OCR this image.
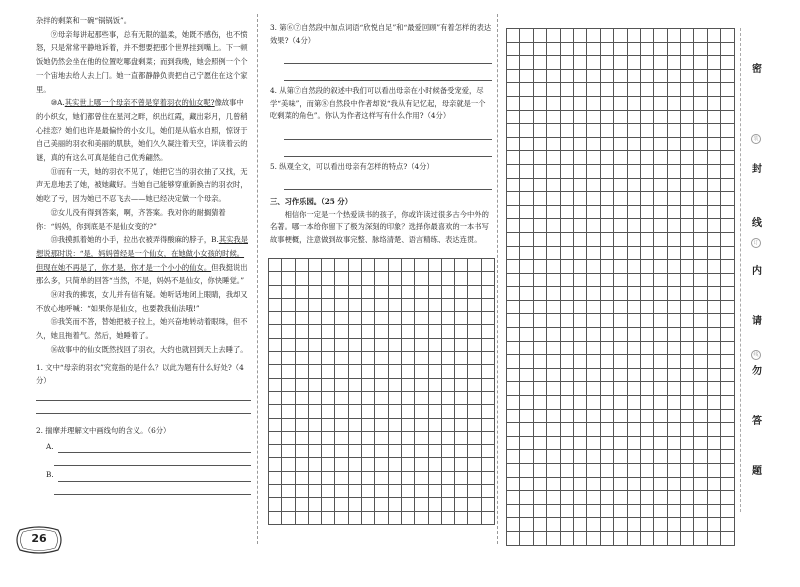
杂拌的剩菜和一碗“锅锅饭”。

⑨母亲每讲起那些事，总有无限的温柔，她既不感伤，也不愤怒，只是常常平静地诉着，并不想要把那个世界挂到嘴上。下一顿饭她仍然会坐在他的位置吃哪盘剩菜；而到我晚，她会照例一个个一个宙地去给人去上门。她一直都静静负责把自己宁愿住在这个家里。

⑩A.其实世上哪一个母亲不曾是穿着羽衣的仙女呢?像故事中的小织女，她们都曾住在星河之畔，织出红霞，藏出彩月，几曾稍心挂恋？她们也许是最偏怜的小女儿，她们是从临水自照，惊讶于自己美丽的羽衣和美丽的肌肤，她们久久凝注着天空，详读着云的谜，真的有这么可真是能自己优秀翩然。

⑪而有一天，她的羽衣不见了，她把它当的羽衣抽了又找，无声无息地丢了她，被她藏好。当她自己能够穿重新换吉的羽衣时，她吃了亏，因为她已不忍飞去——她已经决定做一个母亲。

⑫女儿没有得到答案，啊，齐答案。我对你的耐搁猜着你：“妈妈，你到底是不是仙女变的?”

⑬我摸抓着她的小手，拉出衣被弄得酸麻的脖子，B.其实我是想说那时说：“是，妈妈曾经是一个仙女，在她做小女孩的时候。但现在她不再是了，你才是，你才是一个小小的仙女。但我挺说出那么多，只简单的回答“当然，不是，妈妈不是仙女，你快睡觉。”

⑭对我的拂衷，女儿并有信有疑。她听话地闭上眼睛，我却又不放心地呼喊：“如果你是仙女，也要教我仙法哦!”

⑮我笑而不答，替她把被子拉上，她兴奋地转动着眼珠，但不久，她且拖着气。然后，她睡着了。

⑯故事中的仙女既然找回了羽衣，大约也就回到天上去睡了。

1. 文中“母亲的羽衣”究竟指的是什么？以此为题有什么好处?（4分）

2. 揣摩并理解文中画线句的含义。（6分）

A.
B.

3. 第⑥⑦自然段中加点词语“欣悦自足”和“最爱回顾”有着怎样的表达效果?（4分）

4. 从第⑦自然段的叙述中我们可以看出母亲在小时候备受宠爱，尽学“美味”，而第⑧自然段中作者却说“我从有记忆起，母亲就是一个吃剩菜的角色”。你认为作者这样写有什么作用?（4分）

5. 纵观全文，可以看出母亲有怎样的特点?（4分）

三、习作乐园。（25 分）

相信你一定是一个热爱读书的孩子，你或许读过很多古今中外的名著。哪一本给你留下了极为深刻的印象？选择你最喜欢的一本书写故事梗概，注意做到故事完整、脉络清楚、语言精练、表达连贯。

密
封
线
内
请
勿
答
题
装
订
线
26
